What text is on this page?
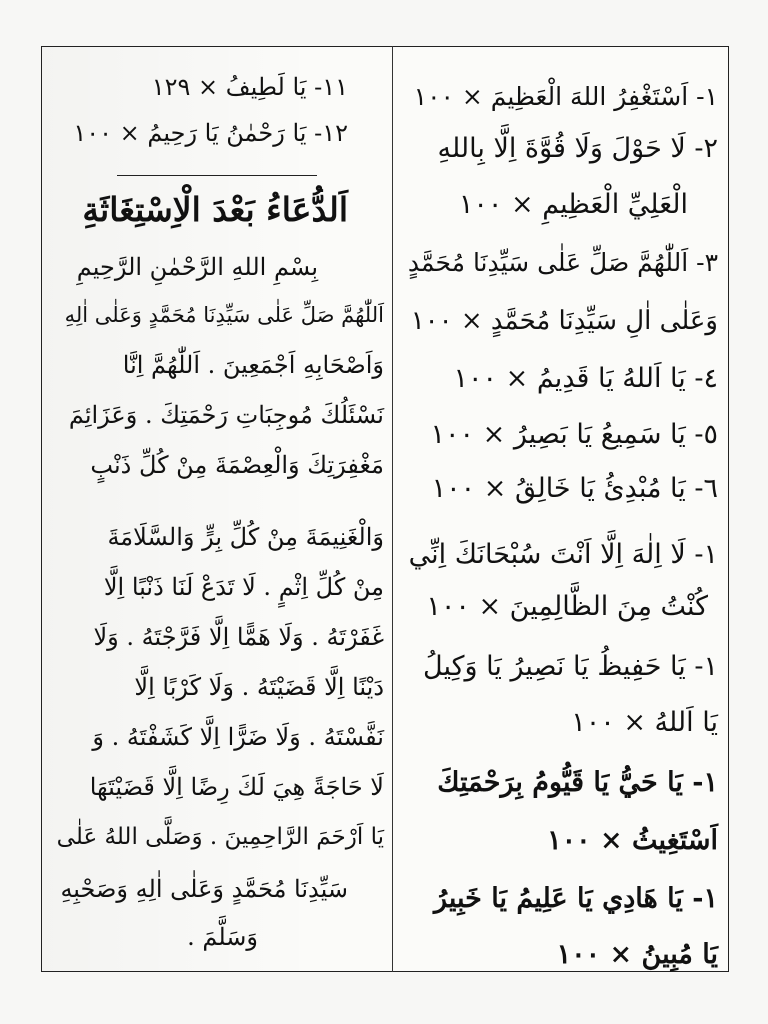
١- اَسْتَغْفِرُ اللهَ الْعَظِيمَ × ١٠٠
٢- لَا حَوْلَ وَلَا قُوَّةَ اِلَّا بِاللهِ
الْعَلِيِّ الْعَظِيمِ × ١٠٠
٣- اَللّٰهُمَّ صَلِّ عَلٰى سَيِّدِنَا مُحَمَّدٍ
وَعَلٰى اٰلِ سَيِّدِنَا مُحَمَّدٍ × ١٠٠
٤- يَا اَللهُ يَا قَدِيمُ × ١٠٠
٥- يَا سَمِيعُ يَا بَصِيرُ × ١٠٠
٦- يَا مُبْدِئُ يَا خَالِقُ × ١٠٠
١- لَا اِلٰهَ اِلَّا اَنْتَ سُبْحَانَكَ اِنِّي
كُنْتُ مِنَ الظَّالِمِينَ × ١٠٠
١- يَا حَفِيظُ يَا نَصِيرُ يَا وَكِيلُ
يَا اَللهُ × ١٠٠
١- يَا حَيُّ يَا قَيُّومُ بِرَحْمَتِكَ
اَسْتَغِيثُ × ١٠٠
١- يَا هَادِي يَا عَلِيمُ يَا خَبِيرُ
يَا مُبِينُ × ١٠٠
١١- يَا لَطِيفُ × ١٢٩
١٢- يَا رَحْمٰنُ يَا رَحِيمُ × ١٠٠
اَلدُّعَاءُ بَعْدَ الْاِسْتِغَاثَةِ
بِسْمِ اللهِ الرَّحْمٰنِ الرَّحِيمِ
اَللّٰهُمَّ صَلِّ عَلٰى سَيِّدِنَا مُحَمَّدٍ وَعَلٰى اٰلِهِ
وَاَصْحَابِهِ اَجْمَعِينَ . اَللّٰهُمَّ اِنَّا
نَسْئَلُكَ مُوجِبَاتِ رَحْمَتِكَ . وَعَزَائِمَ
مَغْفِرَتِكَ وَالْعِصْمَةَ مِنْ كُلِّ ذَنْبٍ
وَالْغَنِيمَةَ مِنْ كُلِّ بِرٍّ وَالسَّلَامَةَ
مِنْ كُلِّ اِثْمٍ . لَا تَدَعْ لَنَا ذَنْبًا اِلَّا
غَفَرْتَهُ . وَلَا هَمًّا اِلَّا فَرَّجْتَهُ . وَلَا
دَيْنًا اِلَّا قَضَيْتَهُ . وَلَا كَرْبًا اِلَّا
نَفَّسْتَهُ . وَلَا ضَرًّا اِلَّا كَشَفْتَهُ . وَ
لَا حَاجَةً هِيَ لَكَ رِضًا اِلَّا قَضَيْتَهَا
يَا اَرْحَمَ الرَّاحِمِينَ . وَصَلَّى اللهُ عَلٰى
سَيِّدِنَا مُحَمَّدٍ وَعَلٰى اٰلِهِ وَصَحْبِهِ
وَسَلَّمَ .
